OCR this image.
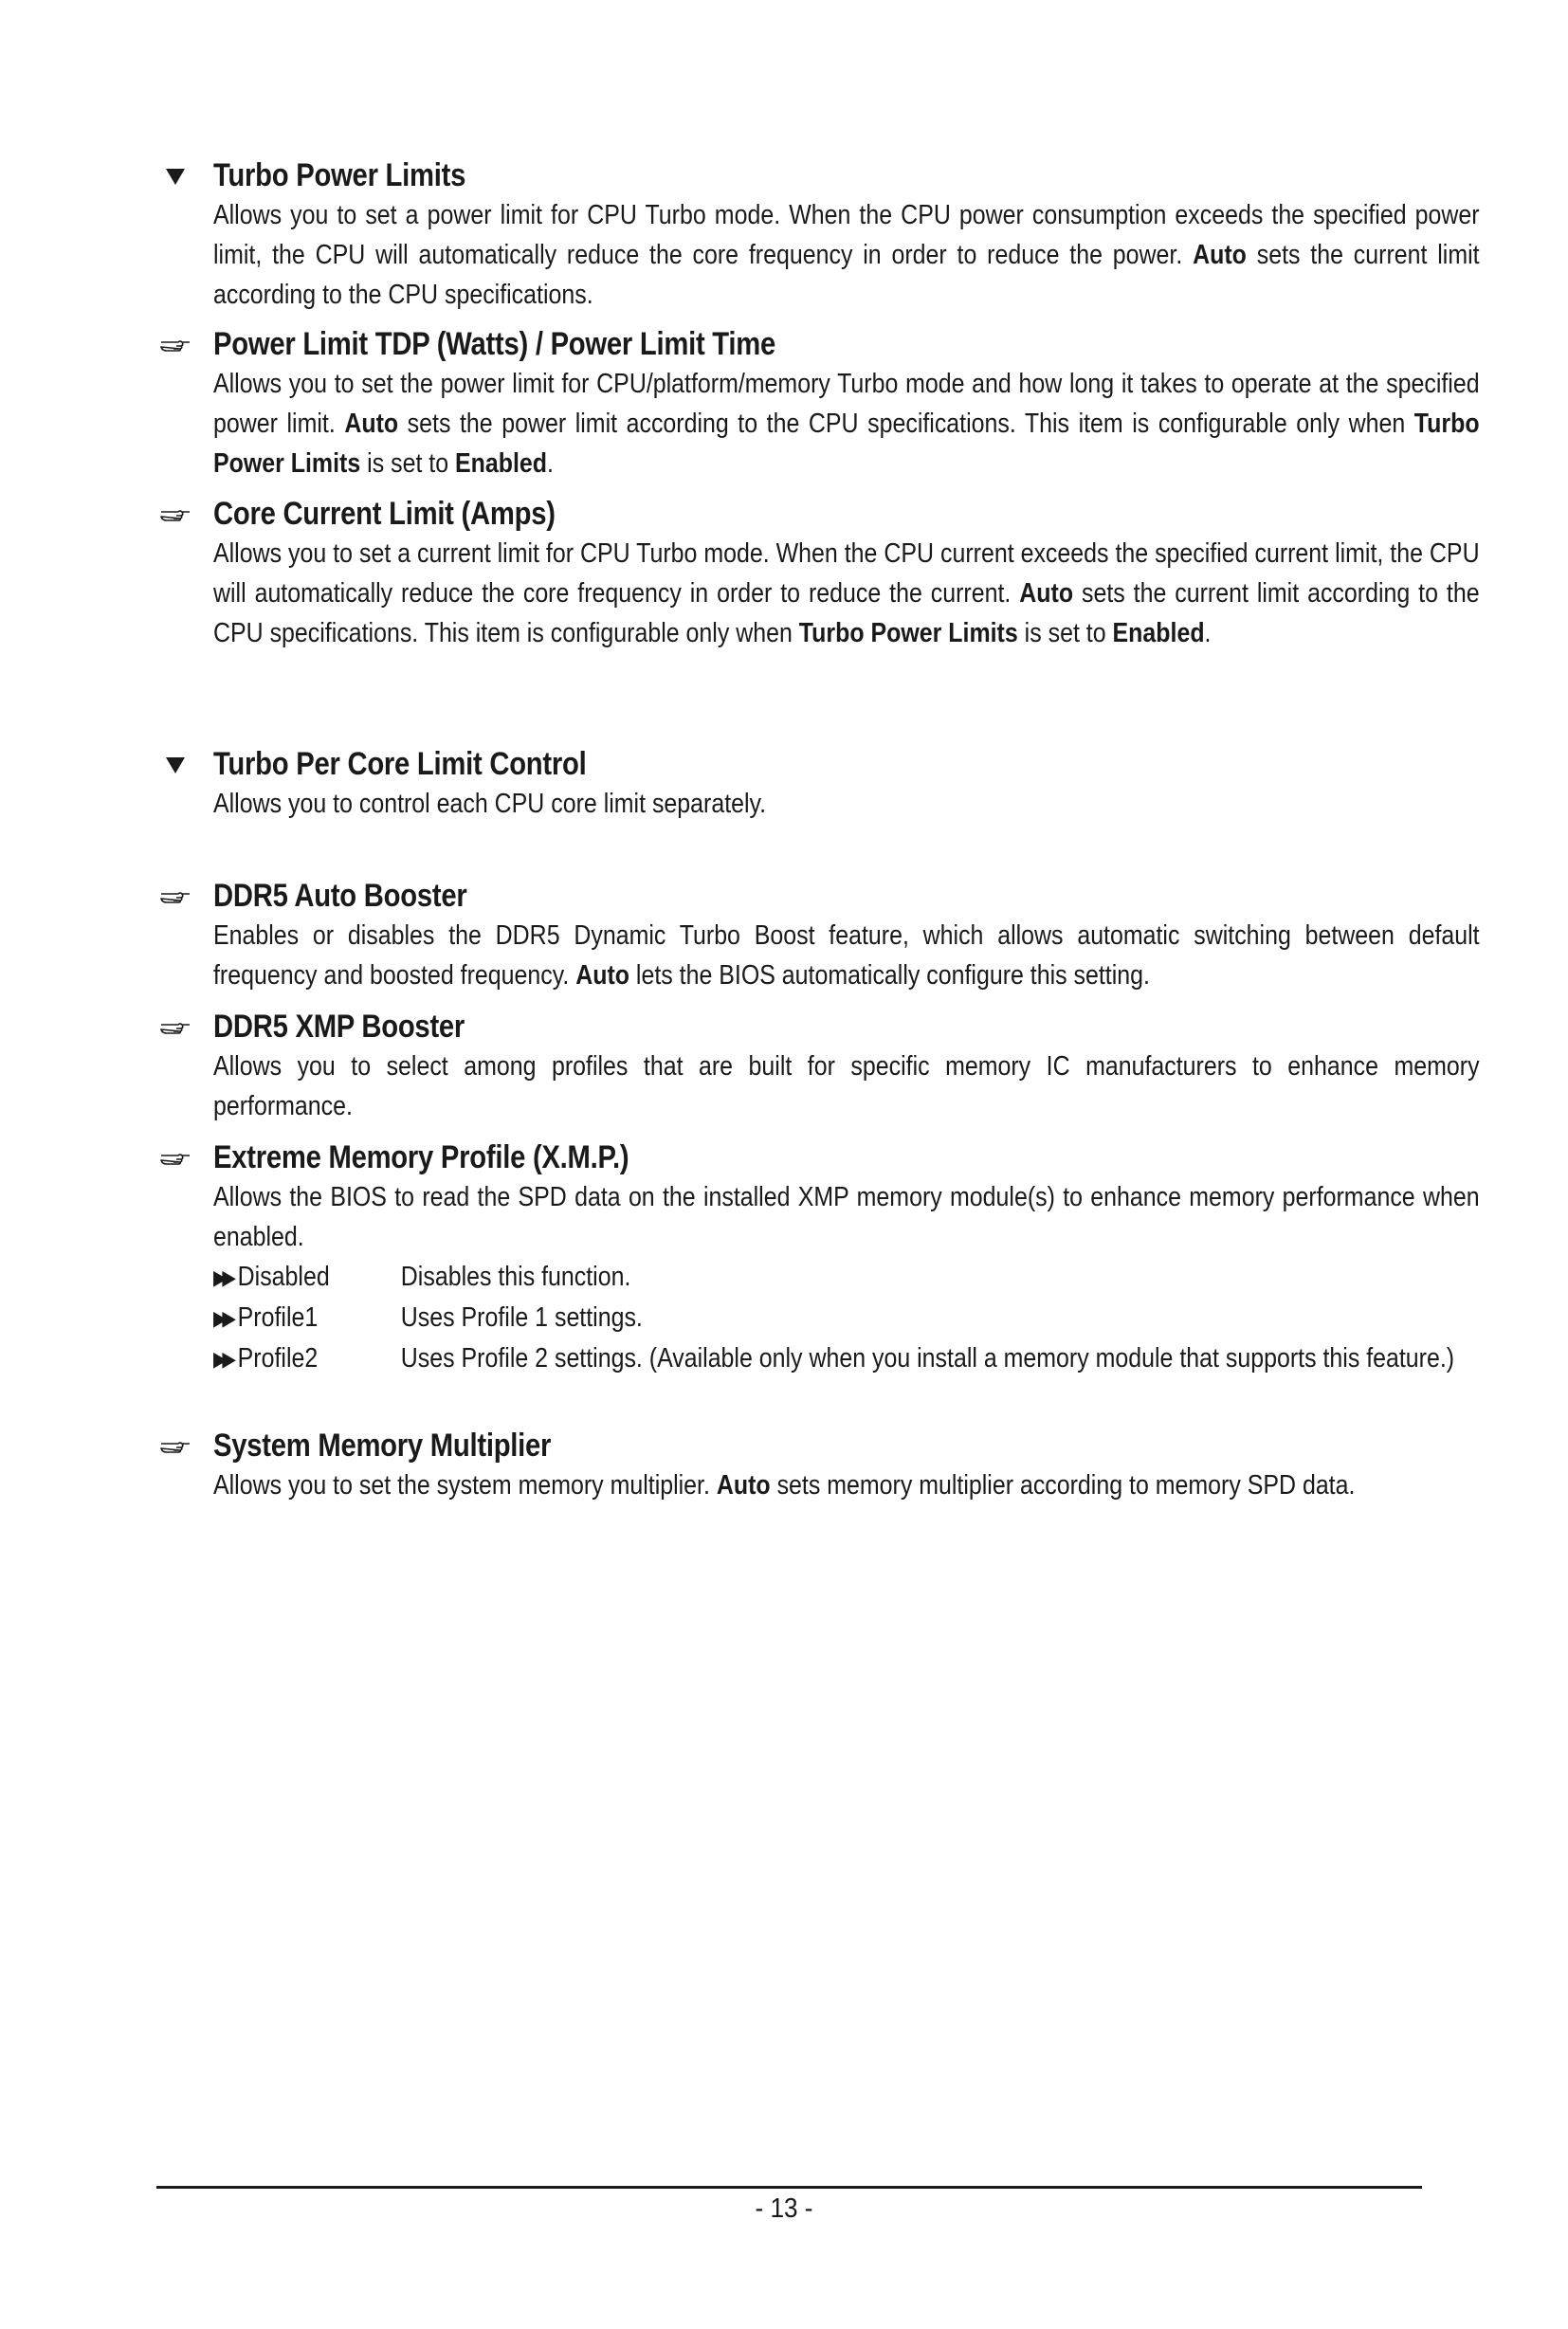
Turbo Power Limits
Allows you to set a power limit for CPU Turbo mode. When the CPU power consumption exceeds the specified power limit, the CPU will automatically reduce the core frequency in order to reduce the power. Auto sets the current limit according to the CPU specifications.
Power Limit TDP (Watts) / Power Limit Time
Allows you to set the power limit for CPU/platform/memory Turbo mode and how long it takes to operate at the specified power limit. Auto sets the power limit according to the CPU specifications. This item is configurable only when Turbo Power Limits is set to Enabled.
Core Current Limit (Amps)
Allows you to set a current limit for CPU Turbo mode. When the CPU current exceeds the specified current limit, the CPU will automatically reduce the core frequency in order to reduce the current. Auto sets the current limit according to the CPU specifications. This item is configurable only when Turbo Power Limits is set to Enabled.
Turbo Per Core Limit Control
Allows you to control each CPU core limit separately.
DDR5 Auto Booster
Enables or disables the DDR5 Dynamic Turbo Boost feature, which allows automatic switching between default frequency and boosted frequency. Auto lets the BIOS automatically configure this setting.
DDR5 XMP Booster
Allows you to select among profiles that are built for specific memory IC manufacturers to enhance memory performance.
Extreme Memory Profile (X.M.P.)
Allows the BIOS to read the SPD data on the installed XMP memory module(s) to enhance memory performance when enabled.
▶▶ Disabled	Disables this function.
▶▶ Profile1	Uses Profile 1 settings.
▶▶ Profile2	Uses Profile 2 settings. (Available only when you install a memory module that supports this feature.)
System Memory Multiplier
Allows you to set the system memory multiplier. Auto sets memory multiplier according to memory SPD data.
- 13 -
